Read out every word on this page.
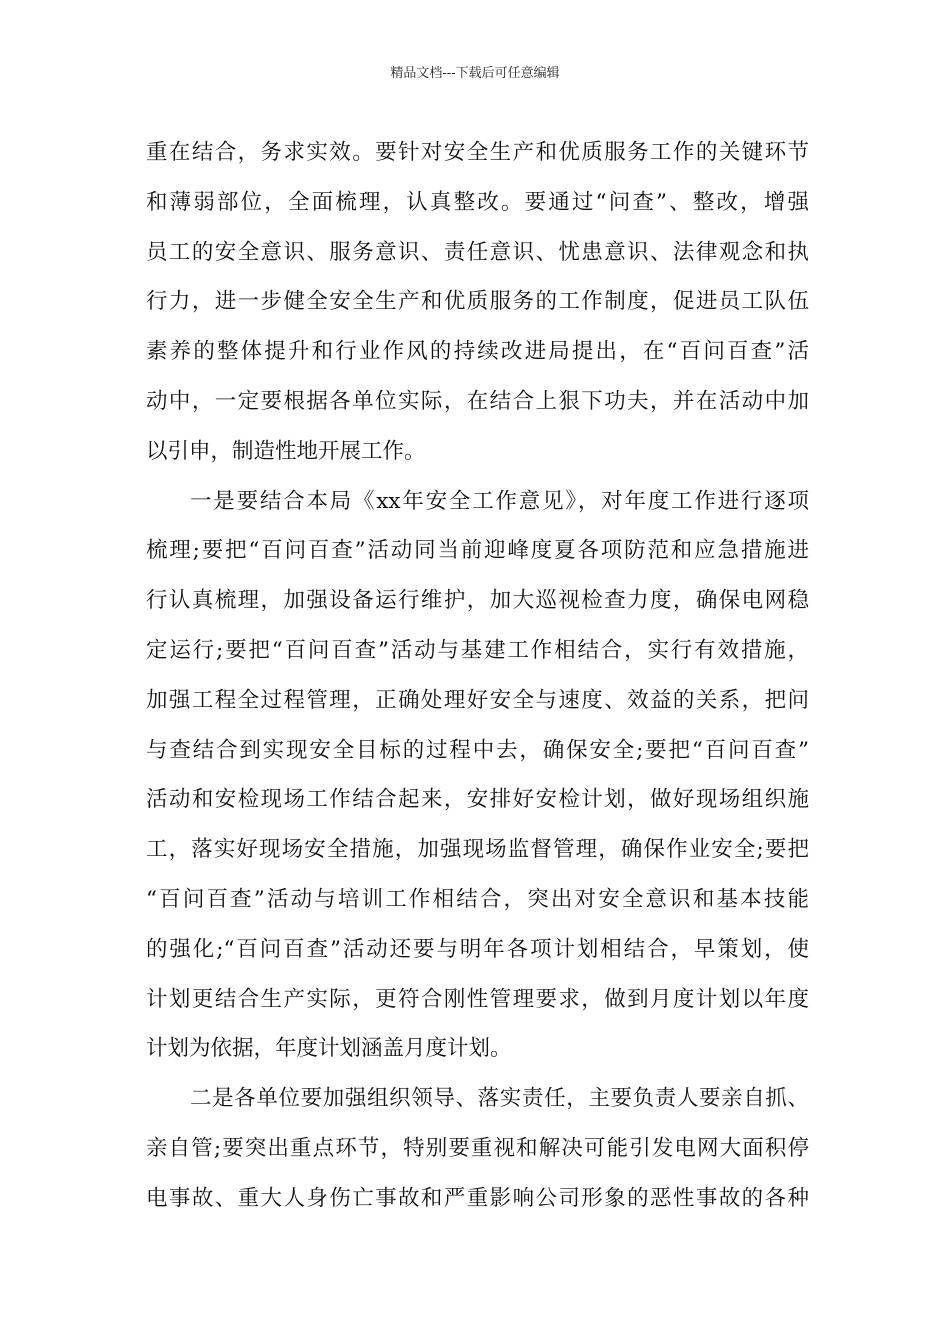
精品文档---下载后可任意编辑
重在结合，务求实效。要针对安全生产和优质服务工作的关键环节
和薄弱部位，全面梳理，认真整改。要通过“问查”、整改，增强
员工的安全意识、服务意识、责任意识、忧患意识、法律观念和执
行力，进一步健全安全生产和优质服务的工作制度，促进员工队伍
素养的整体提升和行业作风的持续改进局提出，在“百问百查”活
动中，一定要根据各单位实际，在结合上狠下功夫，并在活动中加
以引申，制造性地开展工作。
一是要结合本局《xx年安全工作意见》，对年度工作进行逐项
梳理;要把“百问百查”活动同当前迎峰度夏各项防范和应急措施进
行认真梳理，加强设备运行维护，加大巡视检查力度，确保电网稳
定运行;要把“百问百查”活动与基建工作相结合，实行有效措施，
加强工程全过程管理，正确处理好安全与速度、效益的关系，把问
与查结合到实现安全目标的过程中去，确保安全;要把“百问百查”
活动和安检现场工作结合起来，安排好安检计划，做好现场组织施
工，落实好现场安全措施，加强现场监督管理，确保作业安全;要把
“百问百查”活动与培训工作相结合，突出对安全意识和基本技能
的强化;“百问百查”活动还要与明年各项计划相结合，早策划，使
计划更结合生产实际，更符合刚性管理要求，做到月度计划以年度
计划为依据，年度计划涵盖月度计划。
二是各单位要加强组织领导、落实责任，主要负责人要亲自抓、
亲自管;要突出重点环节，特别要重视和解决可能引发电网大面积停
电事故、重大人身伤亡事故和严重影响公司形象的恶性事故的各种
